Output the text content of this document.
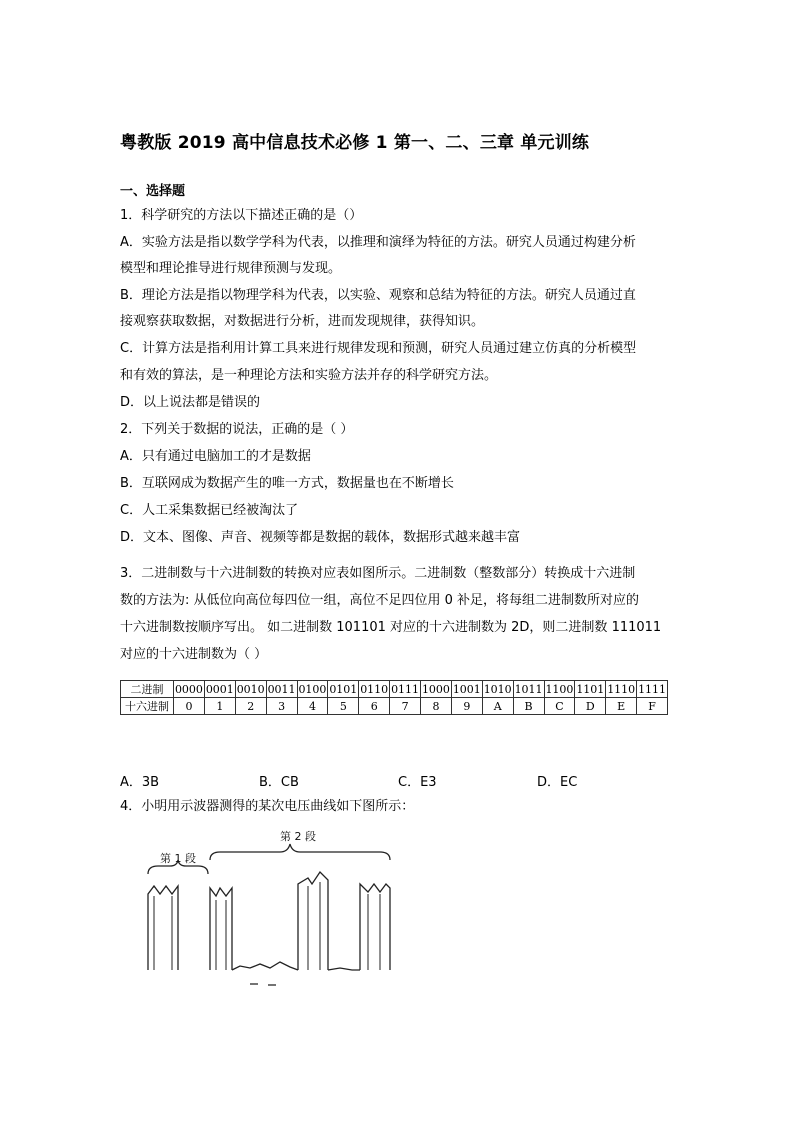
粤教版 2019 高中信息技术必修 1 第一、二、三章 单元训练
一、选择题
1．科学研究的方法以下描述正确的是（）
A．实验方法是指以数学学科为代表，以推理和演绎为特征的方法。研究人员通过构建分析
模型和理论推导进行规律预测与发现。
B．理论方法是指以物理学科为代表，以实验、观察和总结为特征的方法。研究人员通过直
接观察获取数据，对数据进行分析，进而发现规律，获得知识。
C．计算方法是指利用计算工具来进行规律发现和预测，研究人员通过建立仿真的分析模型
和有效的算法，是一种理论方法和实验方法并存的科学研究方法。
D．以上说法都是错误的
2．下列关于数据的说法，正确的是（ ）
A．只有通过电脑加工的才是数据
B．互联网成为数据产生的唯一方式，数据量也在不断增长
C．人工采集数据已经被淘汰了
D．文本、图像、声音、视频等都是数据的载体，数据形式越来越丰富
3．二进制数与十六进制数的转换对应表如图所示。二进制数（整数部分）转换成十六进制
数的方法为: 从低位向高位每四位一组，高位不足四位用 0 补足，将每组二进制数所对应的
十六进制数按顺序写出。 如二进制数 101101 对应的十六进制数为 2D，则二进制数 111011
对应的十六进制数为（ ）
二进制	0000	0001	0010	0011	0100	0101	0110	0111	1000	1001	1010	1011	1100	1101	1110	1111
十六进制	0	1	2	3	4	5	6	7	8	9	A	B	C	D	E	F
A．3B	B．CB	C．E3	D．EC
4．小明用示波器测得的某次电压曲线如下图所示：
第 1 段
第 2 段
